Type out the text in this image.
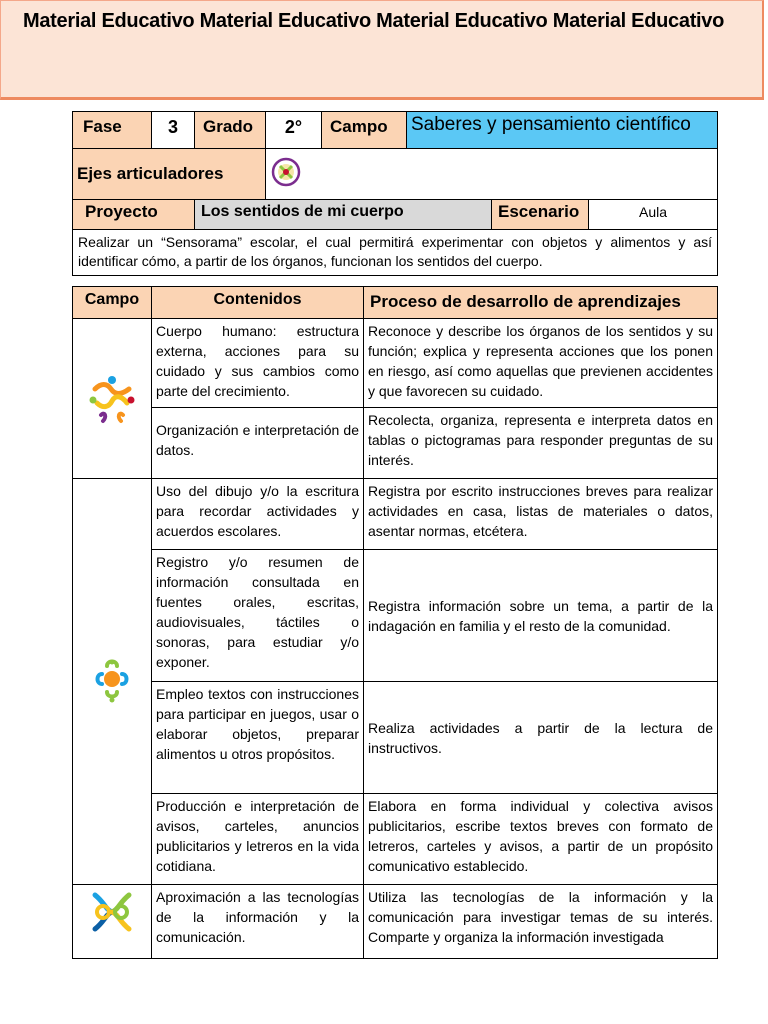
Material Educativo Material Educativo Material Educativo Material Educativo
Fase	3	Grado	2°	Campo	Saberes y pensamiento científico		
Ejes articuladores	

Proyecto		Los sentidos de mi cuerpo				Escenario	Aula
Realizar un “Sensorama” escolar, el cual permitirá experimentar con objetos y alimentos y así identificar cómo, a partir de los órganos, funcionan los sentidos del cuerpo.							
Campo	Contenidos	Proceso de desarrollo de aprendizajes

	Cuerpo humano: estructura externa, acciones para su cuidado y sus cambios como parte del crecimiento.	Reconoce y describe los órganos de los sentidos y su función; explica y representa acciones que los ponen en riesgo, así como aquellas que previenen accidentes y que favorecen su cuidado.
	Organización e interpretación de datos.	Recolecta, organiza, representa e interpreta datos en tablas o pictogramas para responder preguntas de su interés.

	Uso del dibujo y/o la escritura para recordar actividades y acuerdos escolares.	Registra por escrito instrucciones breves para realizar actividades en casa, listas de materiales o datos, asentar normas, etcétera.
	Registro y/o resumen de información consultada en fuentes orales, escritas, audiovisuales, táctiles o sonoras, para estudiar y/o exponer.	Registra información sobre un tema, a partir de la indagación en familia y el resto de la comunidad.
	Empleo textos con instrucciones para participar en juegos, usar o elaborar objetos, preparar alimentos u otros propósitos.	Realiza actividades a partir de la lectura de instructivos.
	Producción e interpretación de avisos, carteles, anuncios publicitarios y letreros en la vida cotidiana.	Elabora en forma individual y colectiva avisos publicitarios, escribe textos breves con formato de letreros, carteles y avisos, a partir de un propósito comunicativo establecido.

	Aproximación a las tecnologías de la información y la comunicación.	Utiliza las tecnologías de la información y la comunicación para investigar temas de su interés. Comparte y organiza la información investigada
